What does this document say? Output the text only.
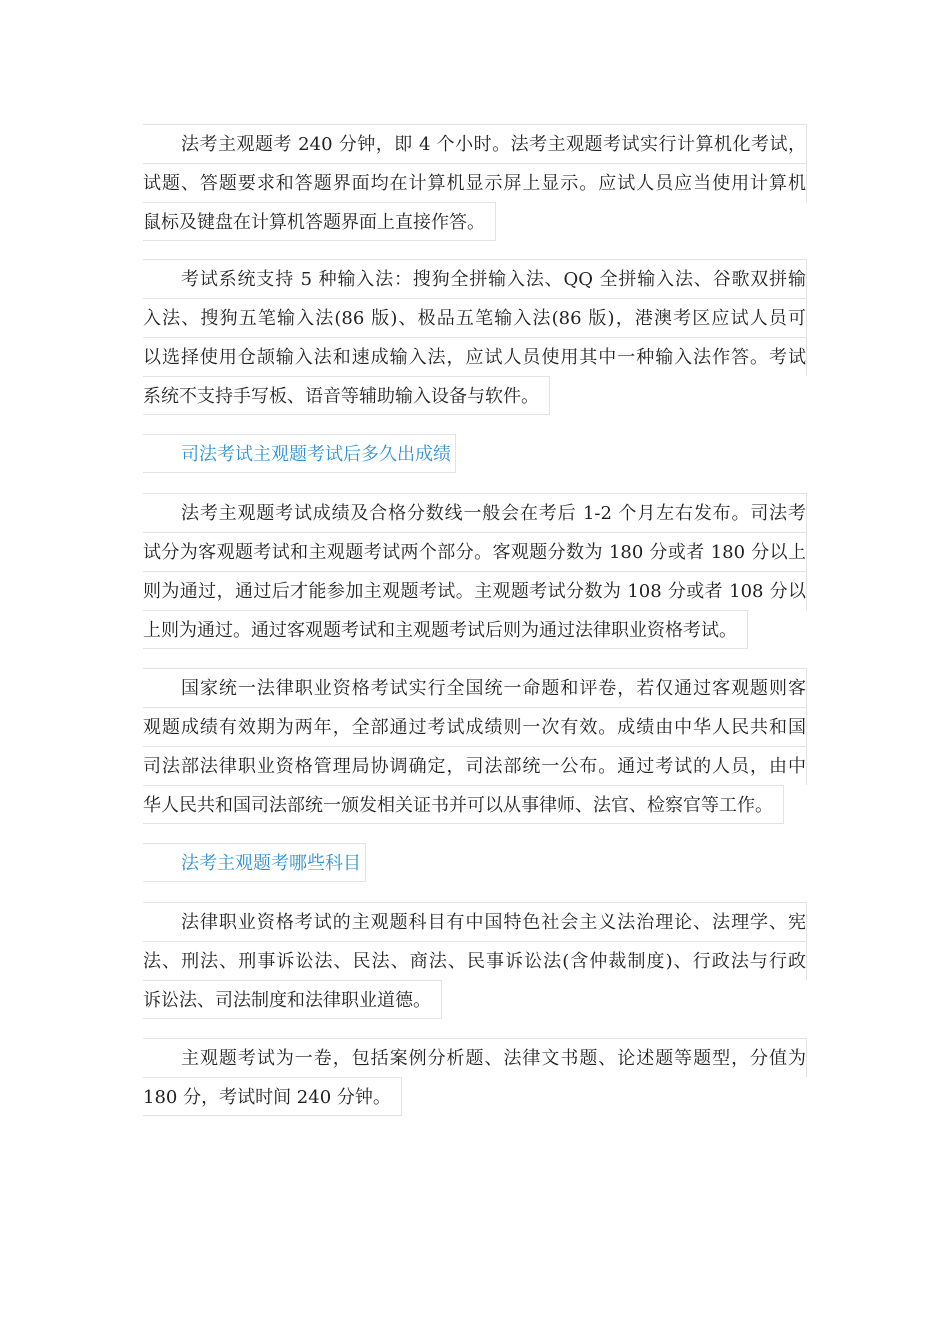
法考主观题考 240 分钟，即 4 个小时。法考主观题考试实行计算机化考试，
试题、答题要求和答题界面均在计算机显示屏上显示。应试人员应当使用计算机
鼠标及键盘在计算机答题界面上直接作答。
考试系统支持 5 种输入法：搜狗全拼输入法、QQ 全拼输入法、谷歌双拼输
入法、搜狗五笔输入法(86 版)、极品五笔输入法(86 版)，港澳考区应试人员可
以选择使用仓颉输入法和速成输入法，应试人员使用其中一种输入法作答。考试
系统不支持手写板、语音等辅助输入设备与软件。
司法考试主观题考试后多久出成绩
法考主观题考试成绩及合格分数线一般会在考后 1-2 个月左右发布。司法考
试分为客观题考试和主观题考试两个部分。客观题分数为 180 分或者 180 分以上
则为通过，通过后才能参加主观题考试。主观题考试分数为 108 分或者 108 分以
上则为通过。通过客观题考试和主观题考试后则为通过法律职业资格考试。
国家统一法律职业资格考试实行全国统一命题和评卷，若仅通过客观题则客
观题成绩有效期为两年，全部通过考试成绩则一次有效。成绩由中华人民共和国
司法部法律职业资格管理局协调确定，司法部统一公布。通过考试的人员，由中
华人民共和国司法部统一颁发相关证书并可以从事律师、法官、检察官等工作。
法考主观题考哪些科目
法律职业资格考试的主观题科目有中国特色社会主义法治理论、法理学、宪
法、刑法、刑事诉讼法、民法、商法、民事诉讼法(含仲裁制度)、行政法与行政
诉讼法、司法制度和法律职业道德。
主观题考试为一卷，包括案例分析题、法律文书题、论述题等题型，分值为
180 分，考试时间 240 分钟。
